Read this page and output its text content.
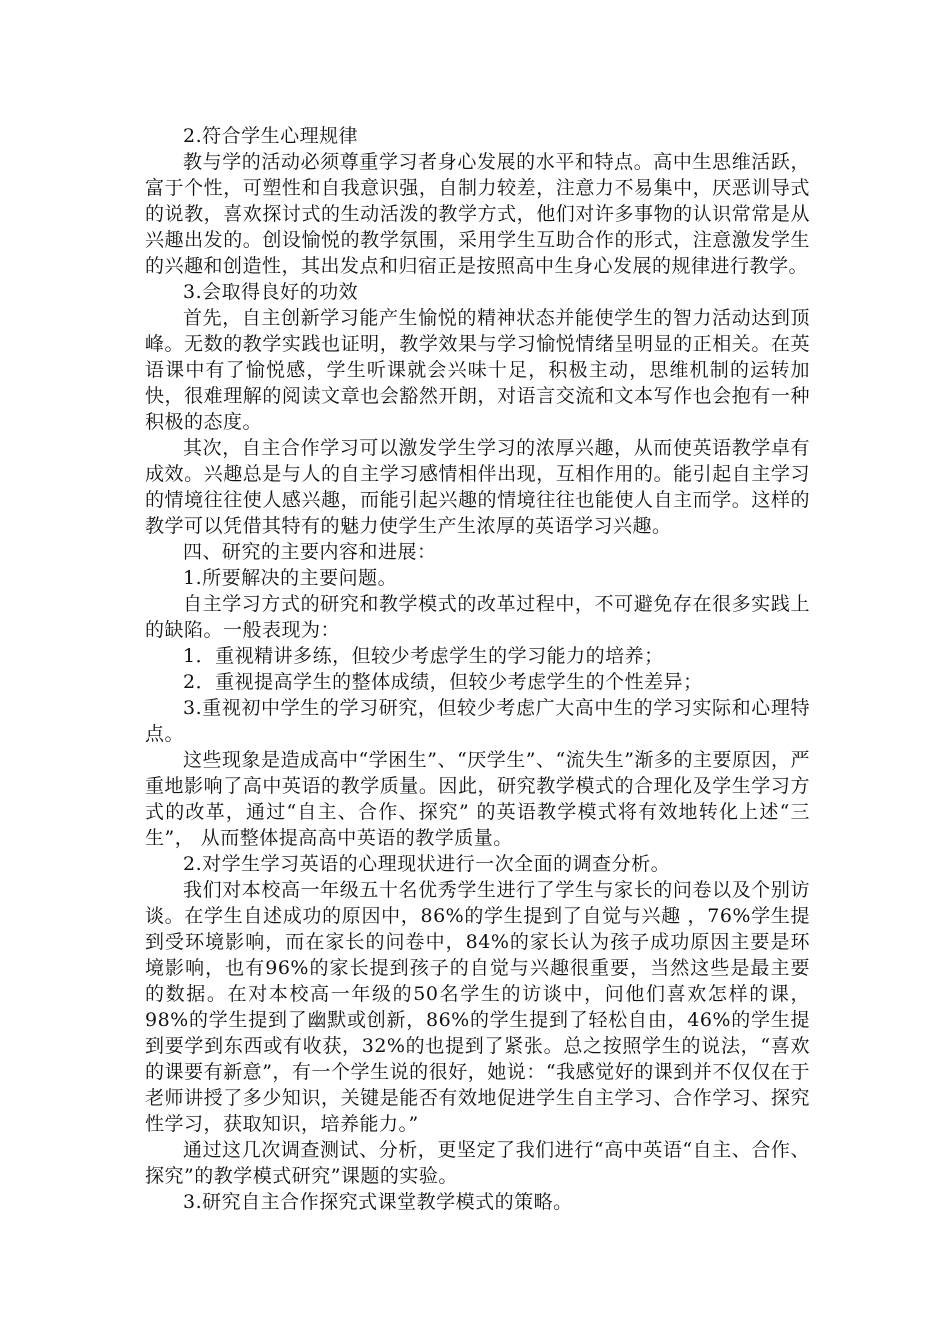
2.符合学生心理规律

教与学的活动必须尊重学习者身心发展的水平和特点。高中生思维活跃，富于个性，可塑性和自我意识强，自制力较差，注意力不易集中，厌恶训导式的说教，喜欢探讨式的生动活泼的教学方式，他们对许多事物的认识常常是从兴趣出发的。创设愉悦的教学氛围，采用学生互助合作的形式，注意激发学生的兴趣和创造性，其出发点和归宿正是按照高中生身心发展的规律进行教学。

3.会取得良好的功效

首先，自主创新学习能产生愉悦的精神状态并能使学生的智力活动达到顶峰。无数的教学实践也证明，教学效果与学习愉悦情绪呈明显的正相关。在英语课中有了愉悦感，学生听课就会兴味十足，积极主动，思维机制的运转加快，很难理解的阅读文章也会豁然开朗，对语言交流和文本写作也会抱有一种积极的态度。

其次，自主合作学习可以激发学生学习的浓厚兴趣，从而使英语教学卓有成效。兴趣总是与人的自主学习感情相伴出现，互相作用的。能引起自主学习的情境往往使人感兴趣，而能引起兴趣的情境往往也能使人自主而学。这样的教学可以凭借其特有的魅力使学生产生浓厚的英语学习兴趣。

四、研究的主要内容和进展：

1.所要解决的主要问题。

自主学习方式的研究和教学模式的改革过程中，不可避免存在很多实践上的缺陷。一般表现为：

1．重视精讲多练，但较少考虑学生的学习能力的培养；

2．重视提高学生的整体成绩，但较少考虑学生的个性差异；

3.重视初中学生的学习研究，但较少考虑广大高中生的学习实际和心理特点。

这些现象是造成高中“学困生”、“厌学生”、“流失生”渐多的主要原因，严重地影响了高中英语的教学质量。因此，研究教学模式的合理化及学生学习方式的改革，通过“自主、合作、探究” 的英语教学模式将有效地转化上述“三生”， 从而整体提高高中英语的教学质量。

2.对学生学习英语的心理现状进行一次全面的调查分析。

我们对本校高一年级五十名优秀学生进行了学生与家长的问卷以及个别访谈。在学生自述成功的原因中，86%的学生提到了自觉与兴趣 ，76%学生提到受环境影响，而在家长的问卷中，84%的家长认为孩子成功原因主要是环境影响，也有96%的家长提到孩子的自觉与兴趣很重要，当然这些是最主要的数据。在对本校高一年级的50名学生的访谈中，问他们喜欢怎样的课，98%的学生提到了幽默或创新，86%的学生提到了轻松自由，46%的学生提到要学到东西或有收获，32%的也提到了紧张。总之按照学生的说法，“喜欢的课要有新意”，有一个学生说的很好，她说：“我感觉好的课到并不仅仅在于老师讲授了多少知识，关键是能否有效地促进学生自主学习、合作学习、探究性学习，获取知识，培养能力。”

通过这几次调查测试、分析，更坚定了我们进行“高中英语“自主、合作、探究”的教学模式研究”课题的实验。

3.研究自主合作探究式课堂教学模式的策略。
